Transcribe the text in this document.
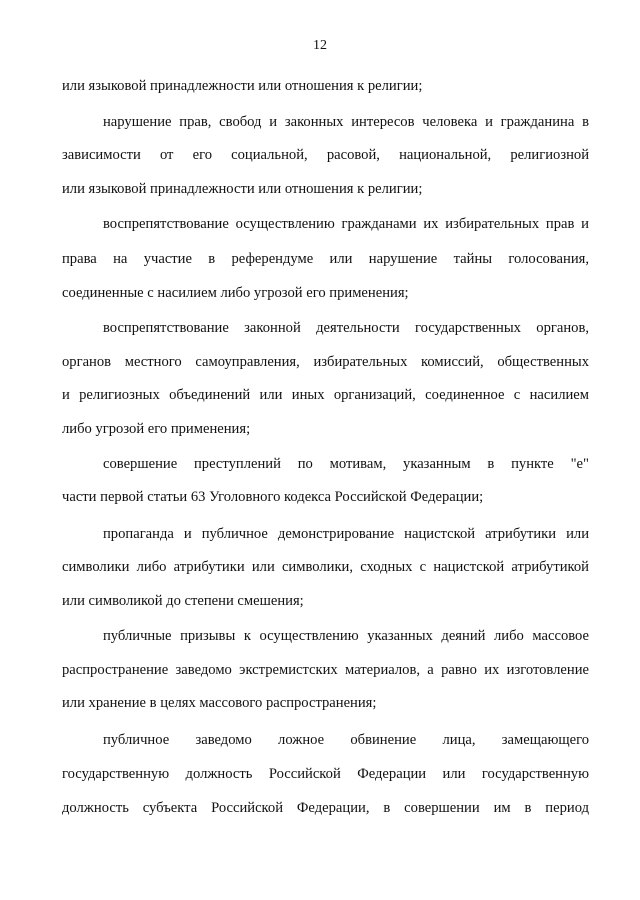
12
или языковой принадлежности или отношения к религии;
нарушение прав, свобод и законных интересов человека и гражданина в
зависимости от его социальной, расовой, национальной, религиозной
или языковой принадлежности или отношения к религии;
воспрепятствование осуществлению гражданами их избирательных прав и
права на участие в референдуме или нарушение тайны голосования,
соединенные с насилием либо угрозой его применения;
воспрепятствование законной деятельности государственных органов,
органов местного самоуправления, избирательных комиссий, общественных
и религиозных объединений или иных организаций, соединенное с насилием
либо угрозой его применения;
совершение преступлений по мотивам, указанным в пункте "е"
части первой статьи 63 Уголовного кодекса Российской Федерации;
пропаганда и публичное демонстрирование нацистской атрибутики или
символики либо атрибутики или символики, сходных с нацистской атрибутикой
или символикой до степени смешения;
публичные призывы к осуществлению указанных деяний либо массовое
распространение заведомо экстремистских материалов, а равно их изготовление
или хранение в целях массового распространения;
публичное заведомо ложное обвинение лица, замещающего
государственную должность Российской Федерации или государственную
должность субъекта Российской Федерации, в совершении им в период
